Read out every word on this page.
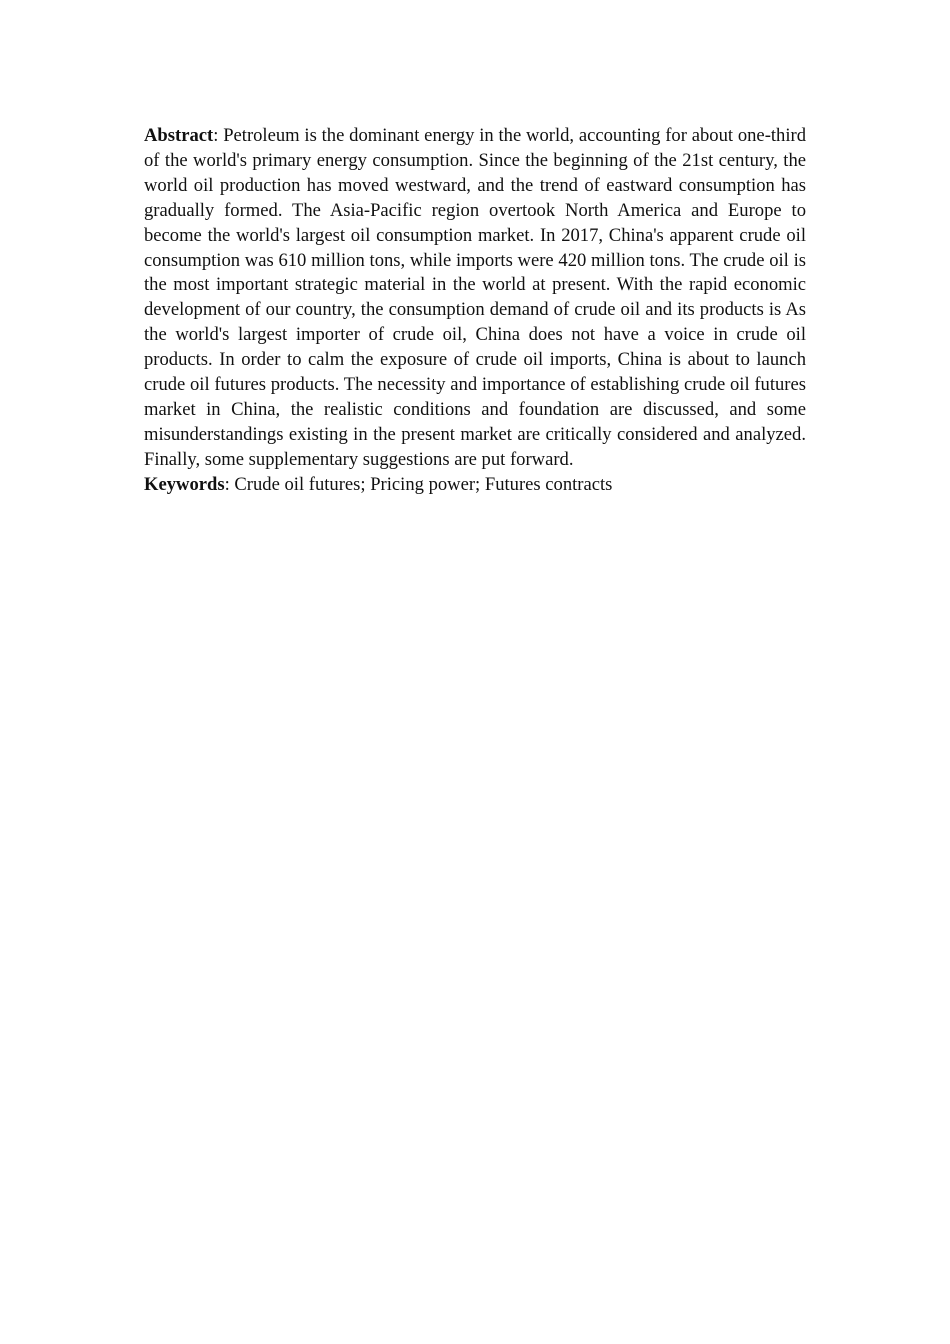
Abstract: Petroleum is the dominant energy in the world, accounting for about one-third of the world's primary energy consumption. Since the beginning of the 21st century, the world oil production has moved westward, and the trend of eastward consumption has gradually formed. The Asia-Pacific region overtook North America and Europe to become the world's largest oil consumption market. In 2017, China's apparent crude oil consumption was 610 million tons, while imports were 420 million tons. The crude oil is the most important strategic material in the world at present. With the rapid economic development of our country, the consumption demand of crude oil and its products is As the world's largest importer of crude oil, China does not have a voice in crude oil products. In order to calm the exposure of crude oil imports, China is about to launch crude oil futures products. The necessity and importance of establishing crude oil futures market in China, the realistic conditions and foundation are discussed, and some misunderstandings existing in the present market are critically considered and analyzed. Finally, some supplementary suggestions are put forward.

Keywords: Crude oil futures; Pricing power; Futures contracts
